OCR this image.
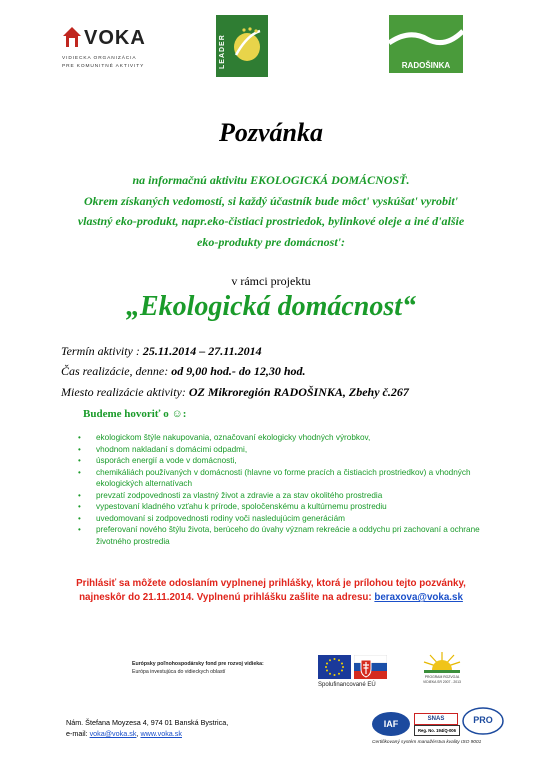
VOKA
VIDIECKA ORGANIZÁCIA
PRE KOMUNITNÉ AKTIVITY	LEADER	RADOŠINKA
Pozvánka
na informačnú aktivitu EKOLOGICKÁ DOMÁCNOSŤ.
Okrem získaných vedomostí, si každý účastník bude môct' vyskúšat' vyrobit'
vlastný eko-produkt, napr.eko-čistiaci prostriedok, bylinkové oleje a iné d'alšie
eko-produkty pre domácnost':
v rámci projektu
„Ekologická domácnost“
Termín aktivity : 25.11.2014 – 27.11.2014
Čas realizácie, denne: od 9,00 hod.- do 12,30 hod.
Miesto realizácie aktivity: OZ Mikroregión RADOŠINKA, Zbehy č.267
Budeme hovoriť o ☺:
• ekologickom štýle nakupovania, označovaní ekologicky vhodných výrobkov,
• vhodnom nakladaní s domácimi odpadmi,
• úsporách energií a vode v domácnosti,
• chemikáliách používaných v domácnosti (hlavne vo forme pracích a čistiacich prostriedkov) a vhodných ekologických alternatívach
• prevzatí zodpovednosti za vlastný život a zdravie a za stav okolitého prostredia
• vypestovaní kladného vzťahu k prírode, spoločenskému a kultúrnemu prostrediu
• uvedomovaní si zodpovednosti rodiny voči nasledujúcim generáciám
• preferovaní nového štýlu života, berúceho do úvahy význam rekreácie a oddychu pri zachovaní a ochrane životného prostredia
Prihlásiť sa môžete odoslaním vyplnenej prihlášky, ktorá je prílohou tejto pozvánky,
najneskôr do 21.11.2014. Vyplnenú prihlášku zašlite na adresu: beraxova@voka.sk
Európsky poľnohospodársky fond pre rozvoj vidieka:
Európa investujúca do vidieckych oblastí
Spolufinancované EÚ
PROGRAM ROZVOJA VIDIEKA SR 2007 - 2013
Nám. Štefana Moyzesa 4, 974 01 Banská Bystrica,
e-mail: voka@voka.sk, www.voka.sk
IAF	SNAS
Reg. No. 194/Q-006
PRO
Certifikovaný systém manažérstva kvality ISO 9001
